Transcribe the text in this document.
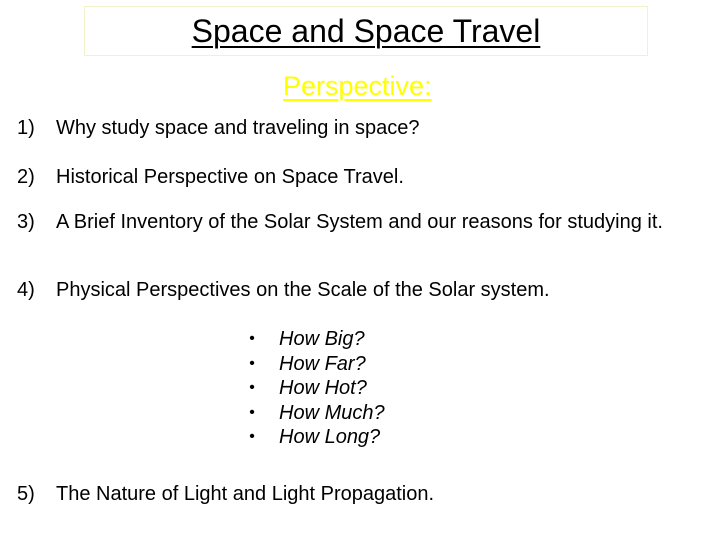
Space and Space Travel
Perspective:
1) Why study space and traveling in space?
2) Historical Perspective on Space Travel.
3) A Brief Inventory of the Solar System and our reasons for studying it.
4) Physical Perspectives on the Scale of the Solar system.
• How Big?
• How Far?
• How Hot?
• How Much?
• How Long?
5) The Nature of Light and Light Propagation.
